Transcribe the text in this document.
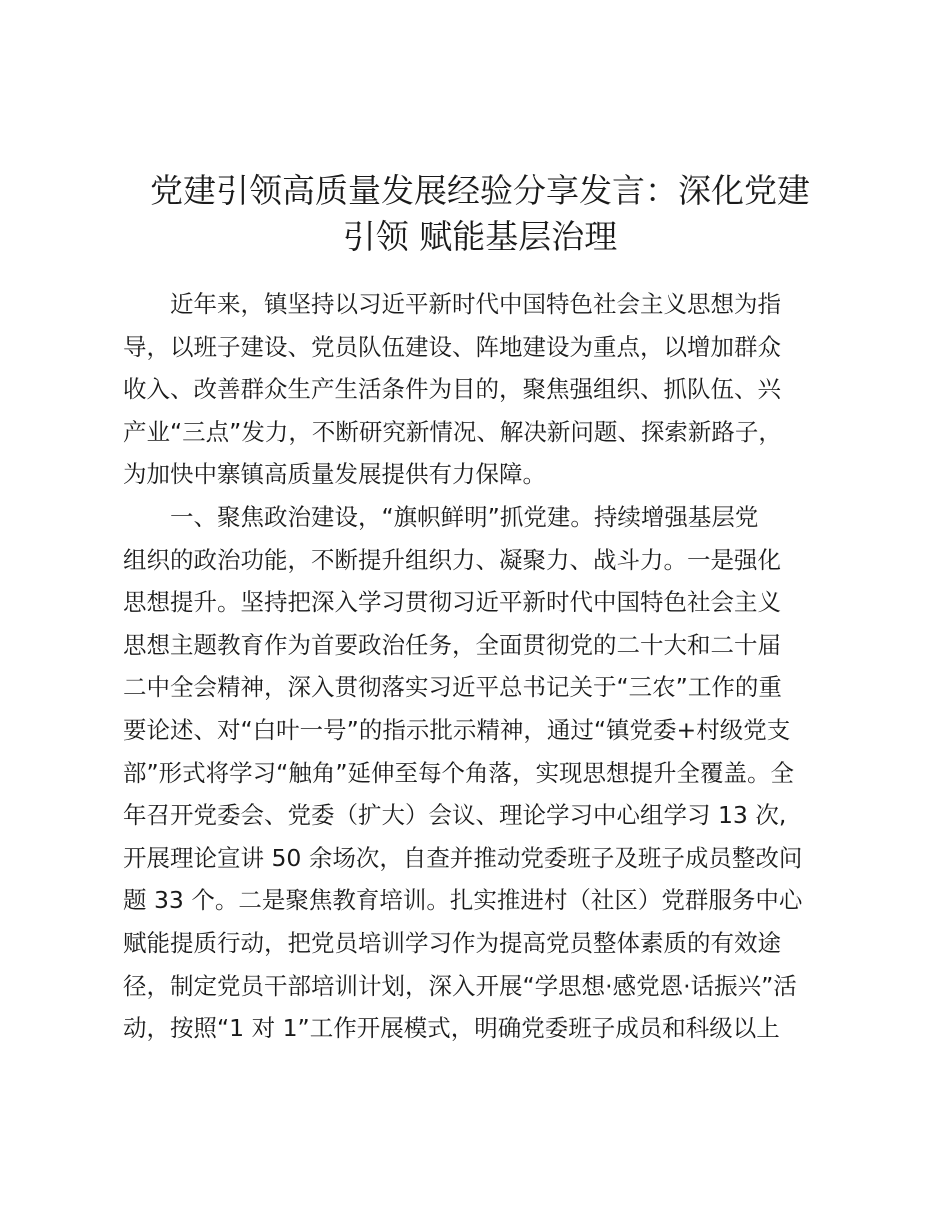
党建引领高质量发展经验分享发言：深化党建
引领 赋能基层治理
　　近年来，镇坚持以习近平新时代中国特色社会主义思想为指
导，以班子建设、党员队伍建设、阵地建设为重点，以增加群众
收入、改善群众生产生活条件为目的，聚焦强组织、抓队伍、兴
产业“三点”发力，不断研究新情况、解决新问题、探索新路子，
为加快中寨镇高质量发展提供有力保障。
　　一、聚焦政治建设，“旗帜鲜明”抓党建。持续增强基层党
组织的政治功能，不断提升组织力、凝聚力、战斗力。一是强化
思想提升。坚持把深入学习贯彻习近平新时代中国特色社会主义
思想主题教育作为首要政治任务，全面贯彻党的二十大和二十届
二中全会精神，深入贯彻落实习近平总书记关于“三农”工作的重
要论述、对“白叶一号”的指示批示精神，通过“镇党委+村级党支
部”形式将学习“触角”延伸至每个角落，实现思想提升全覆盖。全
年召开党委会、党委（扩大）会议、理论学习中心组学习 13 次,
开展理论宣讲 50 余场次，自查并推动党委班子及班子成员整改问
题 33 个。二是聚焦教育培训。扎实推进村（社区）党群服务中心
赋能提质行动，把党员培训学习作为提高党员整体素质的有效途
径，制定党员干部培训计划，深入开展“学思想·感党恩·话振兴”活
动，按照“1 对 1”工作开展模式，明确党委班子成员和科级以上
